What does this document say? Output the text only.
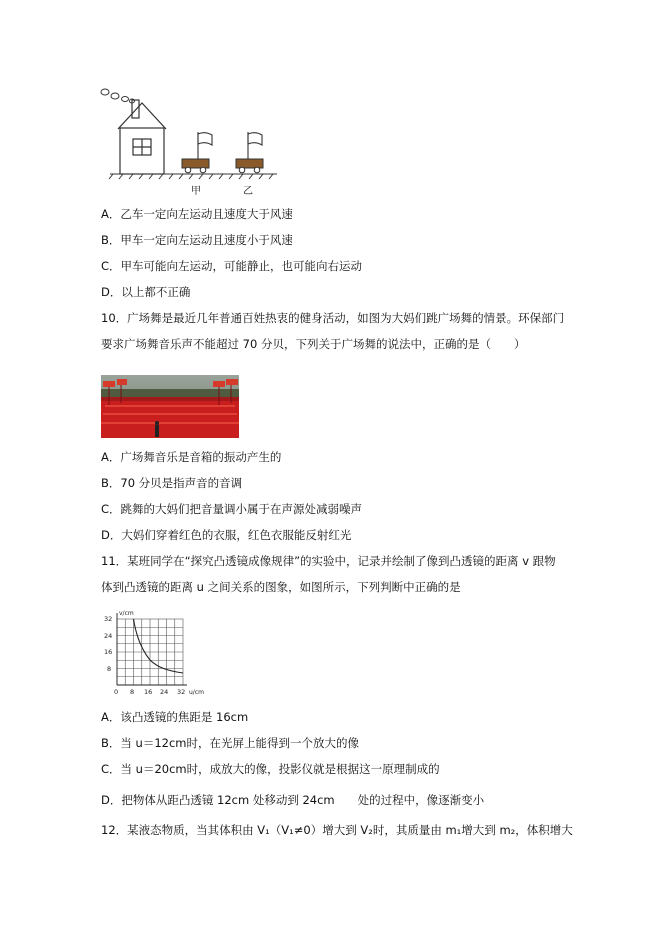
甲	乙
A．乙车一定向左运动且速度大于风速
B．甲车一定向左运动且速度小于风速
C．甲车可能向左运动，可能静止，也可能向右运动
D．以上都不正确
10．广场舞是最近几年普通百姓热衷的健身活动，如图为大妈们跳广场舞的情景。环保部门
要求广场舞音乐声不能超过 70 分贝，下列关于广场舞的说法中，正确的是（　　）
A．广场舞音乐是音箱的振动产生的
B．70 分贝是指声音的音调
C．跳舞的大妈们把音量调小属于在声源处减弱噪声
D．大妈们穿着红色的衣服，红色衣服能反射红光
11．某班同学在“探究凸透镜成像规律”的实验中，记录并绘制了像到凸透镜的距离 v 跟物
体到凸透镜的距离 u 之间关系的图象，如图所示，下列判断中正确的是
v/cm
u/cm
32
24
16
8
0 8 16 24 32
A．该凸透镜的焦距是 16cm
B．当 u＝12cm时，在光屏上能得到一个放大的像
C．当 u＝20cm时，成放大的像，投影仪就是根据这一原理制成的
D．把物体从距凸透镜 12cm 处移动到 24cm　　处的过程中，像逐渐变小
12．某液态物质，当其体积由 V₁（V₁≠0）增大到 V₂时，其质量由 m₁增大到 m₂，体积增大
